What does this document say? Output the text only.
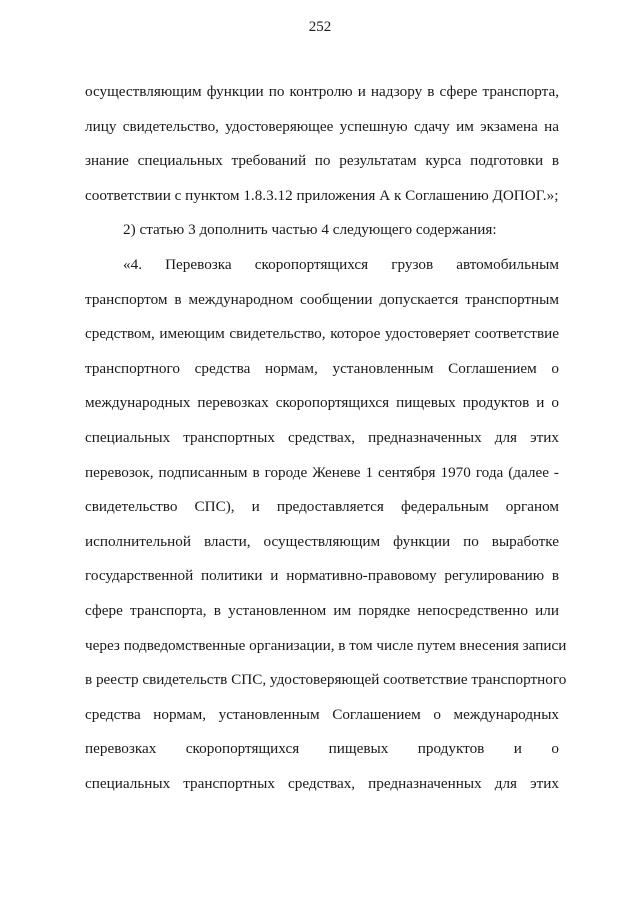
252
осуществляющим функции по контролю и надзору в сфере транспорта,
лицу свидетельство, удостоверяющее успешную сдачу им экзамена на
знание специальных требований по результатам курса подготовки в
соответствии с пунктом 1.8.3.12 приложения А к Соглашению ДОПОГ.»;
2) статью 3 дополнить частью 4 следующего содержания:
«4. Перевозка скоропортящихся грузов автомобильным
транспортом в международном сообщении допускается транспортным
средством, имеющим свидетельство, которое удостоверяет соответствие
транспортного средства нормам, установленным Соглашением о
международных перевозках скоропортящихся пищевых продуктов и о
специальных транспортных средствах, предназначенных для этих
перевозок, подписанным в городе Женеве 1 сентября 1970 года (далее -
свидетельство СПС), и предоставляется федеральным органом
исполнительной власти, осуществляющим функции по выработке
государственной политики и нормативно-правовому регулированию в
сфере транспорта, в установленном им порядке непосредственно или
через подведомственные организации, в том числе путем внесения записи
в реестр свидетельств СПС, удостоверяющей соответствие транспортного
средства нормам, установленным Соглашением о международных
перевозках скоропортящихся пищевых продуктов и о
специальных транспортных средствах, предназначенных для этих
